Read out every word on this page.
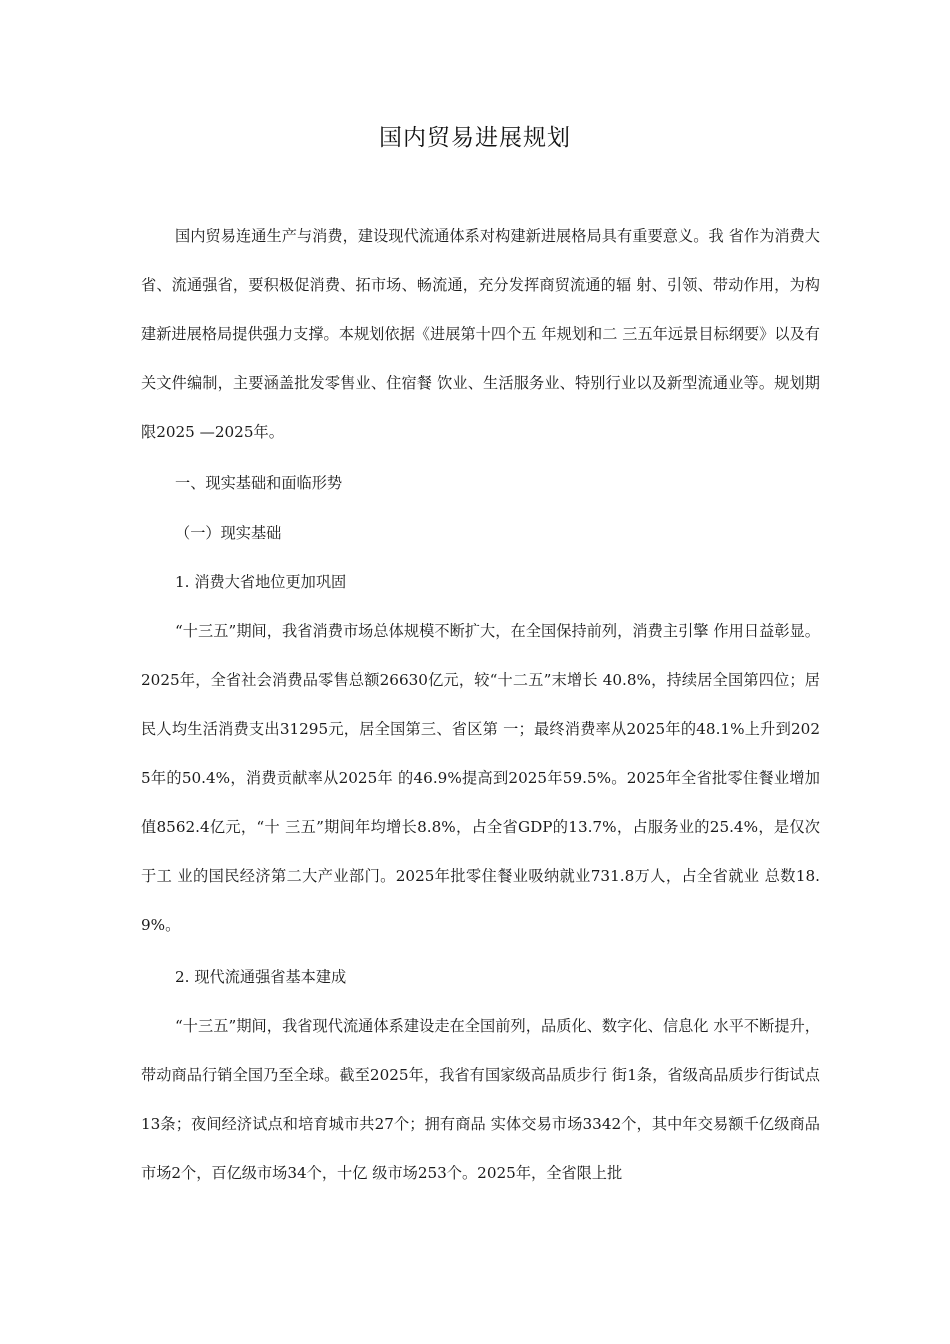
国内贸易进展规划
国内贸易连通生产与消费，建设现代流通体系对构建新进展格局具有重要意义。我 省作为消费大省、流通强省，要积极促消费、拓市场、畅流通，充分发挥商贸流通的辐 射、引领、带动作用，为构建新进展格局提供强力支撑。本规划依据《进展第十四个五 年规划和二 三五年远景目标纲要》以及有关文件编制，主要涵盖批发零售业、住宿餐 饮业、生活服务业、特别行业以及新型流通业等。规划期限2025 —2025年。
一、现实基础和面临形势
（一）现实基础
1. 消费大省地位更加巩固
“十三五”期间，我省消费市场总体规模不断扩大，在全国保持前列，消费主引擎 作用日益彰显。2025年，全省社会消费品零售总额26630亿元，较“十二五”末增长 40.8%，持续居全国第四位；居民人均生活消费支出31295元，居全国第三、省区第 一；最终消费率从2025年的48.1%上升到2025年的50.4%，消费贡献率从2025年 的46.9%提高到2025年59.5%。2025年全省批零住餐业增加值8562.4亿元，“十 三五”期间年均增长8.8%，占全省GDP的13.7%，占服务业的25.4%，是仅次于工 业的国民经济第二大产业部门。2025年批零住餐业吸纳就业731.8万人，占全省就业 总数18.9%。
2. 现代流通强省基本建成
“十三五”期间，我省现代流通体系建设走在全国前列，品质化、数字化、信息化 水平不断提升，带动商品行销全国乃至全球。截至2025年，我省有国家级高品质步行 街1条，省级高品质步行街试点13条；夜间经济试点和培育城市共27个；拥有商品 实体交易市场3342个，其中年交易额千亿级商品市场2个，百亿级市场34个，十亿 级市场253个。2025年，全省限上批
